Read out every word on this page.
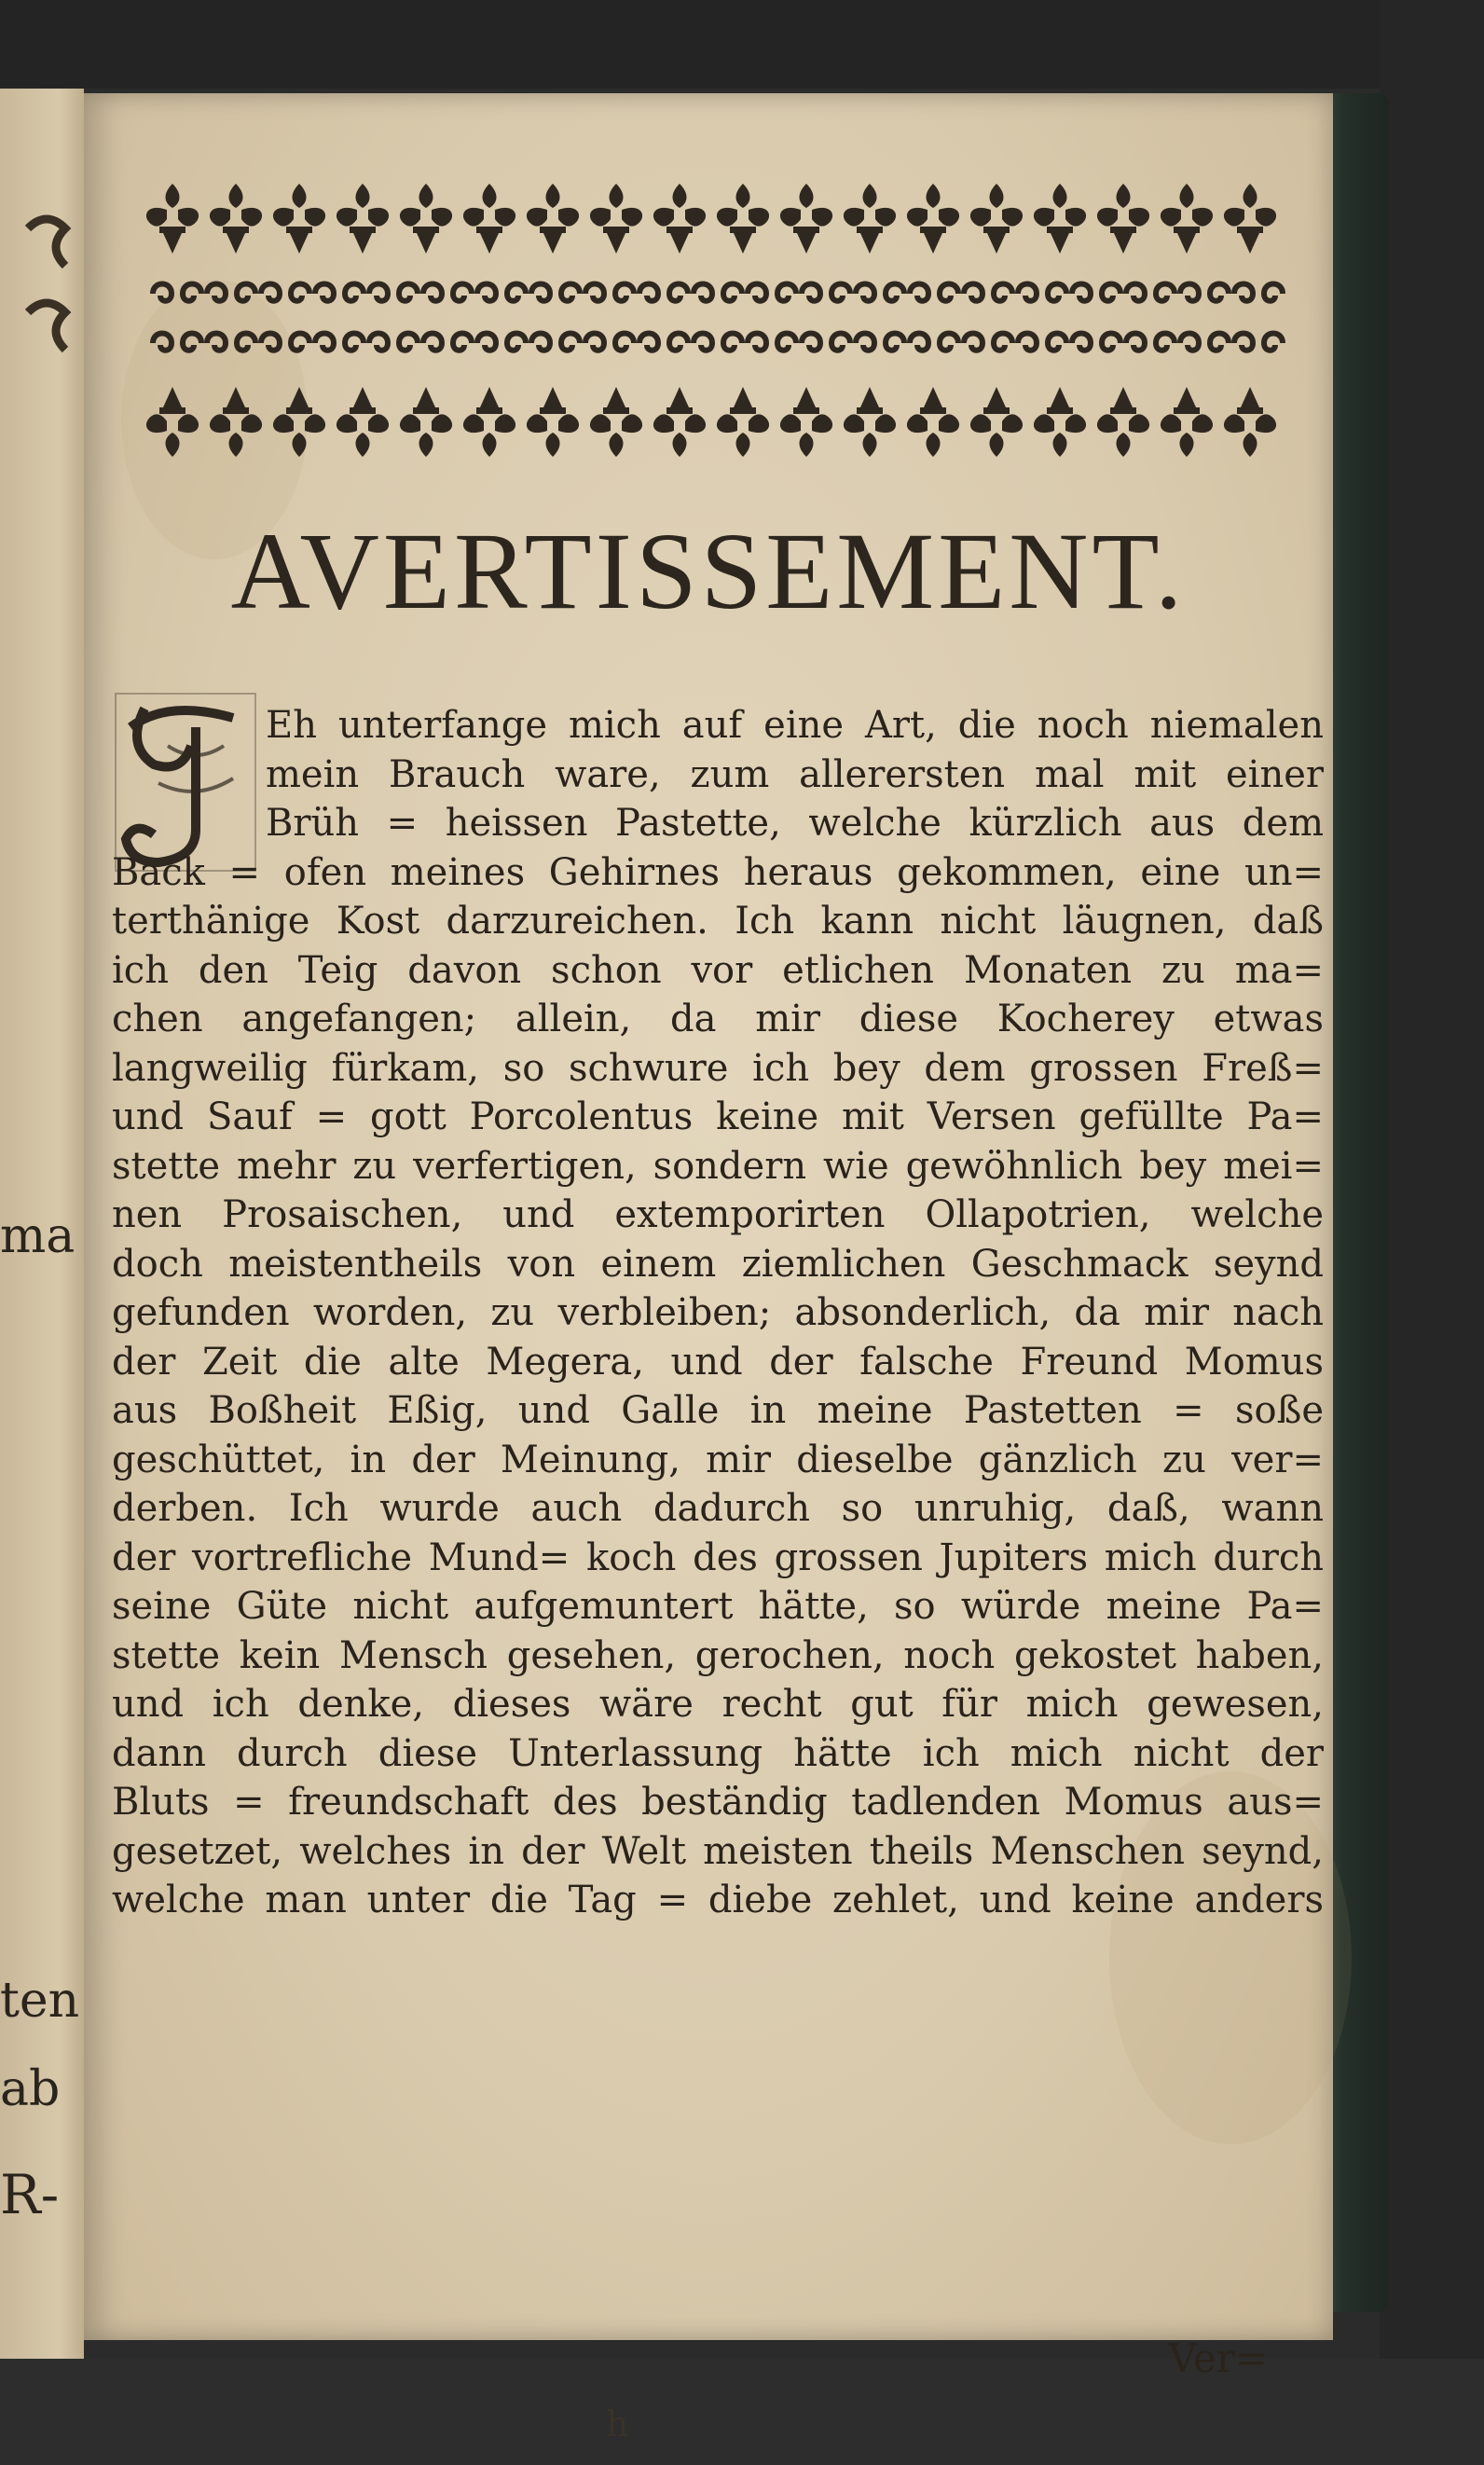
ma
ten
ab
R-
AVERTISSEMENT.
Eh unterfange mich auf eine Art, die noch niemalen
mein Brauch ware, zum allerersten mal mit einer
Brüh = heissen Pastette, welche kürzlich aus dem
Back = ofen meines Gehirnes heraus gekommen, eine un=
terthänige Kost darzureichen. Ich kann nicht läugnen, daß
ich den Teig davon schon vor etlichen Monaten zu ma=
chen angefangen; allein, da mir diese Kocherey etwas
langweilig fürkam, so schwure ich bey dem grossen Freß=
und Sauf = gott Porcolentus keine mit Versen gefüllte Pa=
stette mehr zu verfertigen, sondern wie gewöhnlich bey mei=
nen Prosaischen, und extemporirten Ollapotrien, welche
doch meistentheils von einem ziemlichen Geschmack seynd
gefunden worden, zu verbleiben; absonderlich, da mir nach
der Zeit die alte Megera, und der falsche Freund Momus
aus Boßheit Eßig, und Galle in meine Pastetten = soße
geschüttet, in der Meinung, mir dieselbe gänzlich zu ver=
derben. Ich wurde auch dadurch so unruhig, daß, wann
der vortrefliche Mund= koch des grossen Jupiters mich durch
seine Güte nicht aufgemuntert hätte, so würde meine Pa=
stette kein Mensch gesehen, gerochen, noch gekostet haben,
und ich denke, dieses wäre recht gut für mich gewesen,
dann durch diese Unterlassung hätte ich mich nicht der
Bluts = freundschaft des beständig tadlenden Momus aus=
gesetzet, welches in der Welt meisten theils Menschen seynd,
welche man unter die Tag = diebe zehlet, und keine anders
Ver=
h
